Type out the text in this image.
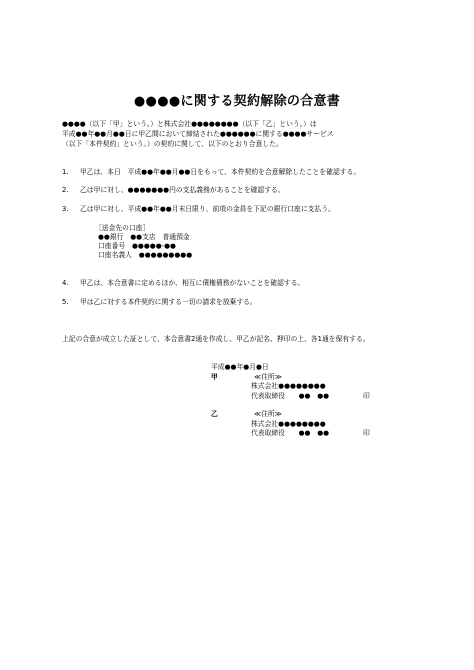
●●●●に関する契約解除の合意書
●●●●（以下「甲」という。）と株式会社●●●●●●●●（以下「乙」という。）は
平成●●年●●月●●日に甲乙間において締結された●●●●●●に関する●●●●サービス
（以下「本件契約」という。）の契約に関して、以下のとおり合意した。
1. 甲乙は、本日　平成●●年●●月●●日をもって、本件契約を合意解除したことを確認する。
2. 乙は甲に対し、●●●●●●●円の支払義務があることを確認する。
3. 乙は甲に対し、平成●●年●●月末日限り、前項の金員を下記の銀行口座に支払う。
［送金先の口座］
●●銀行　●●支店　普通預金
口座番号　●●●●●-●●
口座名義人　●●●●●●●●●
4. 甲乙は、本合意書に定めるほか、相互に債権債務がないことを確認する。
5. 甲は乙に対する本件契約に関する一切の請求を放棄する。
上記の合意が成立した証として、本合意書2通を作成し、甲乙が記名、押印の上、各1通を保有する。
平成●●年●月●日
甲	≪住所≫
株式会社●●●●●●●●
代表取締役　　●●　●●	印
乙	≪住所≫
株式会社●●●●●●●●
代表取締役　　●●　●●	印
